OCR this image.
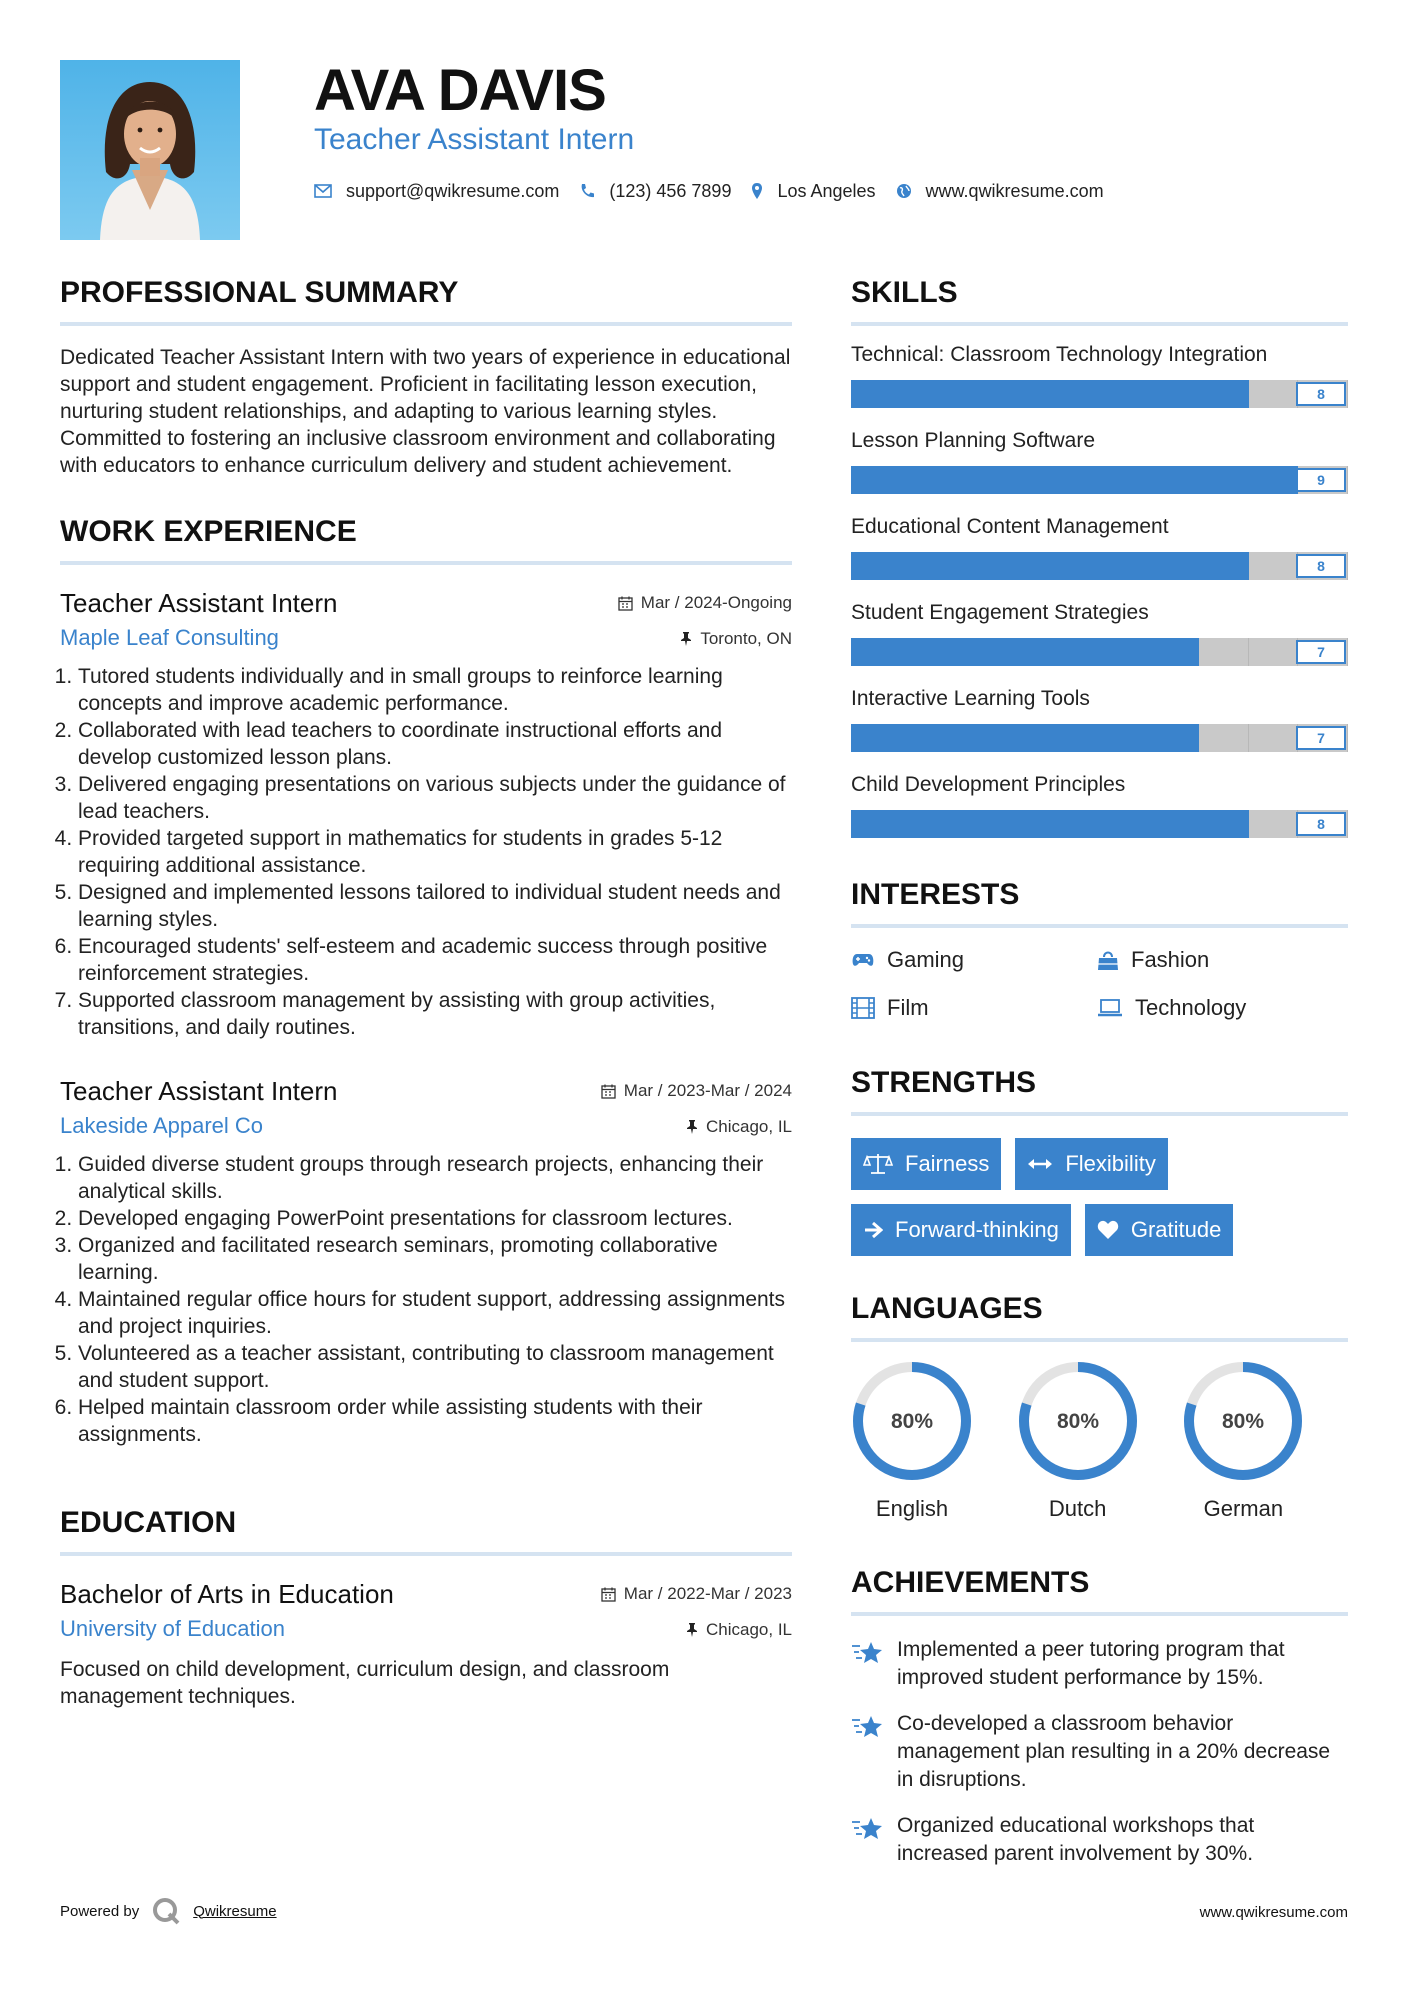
AVA DAVIS
Teacher Assistant Intern
support@qwikresume.com	(123) 456 7899	Los Angeles	www.qwikresume.com
PROFESSIONAL SUMMARY

Dedicated Teacher Assistant Intern with two years of experience in educational support and student engagement. Proficient in facilitating lesson execution, nurturing student relationships, and adapting to various learning styles. Committed to fostering an inclusive classroom environment and collaborating with educators to enhance curriculum delivery and student achievement.

WORK EXPERIENCE
Teacher Assistant Intern
Maple Leaf Consulting
Mar / 2024-Ongoing
Toronto, ON
1. Tutored students individually and in small groups to reinforce learning concepts and improve academic performance.
2. Collaborated with lead teachers to coordinate instructional efforts and develop customized lesson plans.
3. Delivered engaging presentations on various subjects under the guidance of lead teachers.
4. Provided targeted support in mathematics for students in grades 5-12 requiring additional assistance.
5. Designed and implemented lessons tailored to individual student needs and learning styles.
6. Encouraged students' self-esteem and academic success through positive reinforcement strategies.
7. Supported classroom management by assisting with group activities, transitions, and daily routines.
Teacher Assistant Intern
Lakeside Apparel Co
Mar / 2023-Mar / 2024
Chicago, IL
1. Guided diverse student groups through research projects, enhancing their analytical skills.
2. Developed engaging PowerPoint presentations for classroom lectures.
3. Organized and facilitated research seminars, promoting collaborative learning.
4. Maintained regular office hours for student support, addressing assignments and project inquiries.
5. Volunteered as a teacher assistant, contributing to classroom management and student support.
6. Helped maintain classroom order while assisting students with their assignments.
EDUCATION
Bachelor of Arts in Education
University of Education
Mar / 2022-Mar / 2023
Chicago, IL
Focused on child development, curriculum design, and classroom management techniques.
SKILLS
Technical: Classroom Technology Integration
8
Lesson Planning Software
9
Educational Content Management
8
Student Engagement Strategies
7
Interactive Learning Tools
7
Child Development Principles
8
INTERESTS
Gaming	Fashion
Film	Technology
STRENGTHS
Fairness	Flexibility
Forward-thinking	Gratitude
LANGUAGES
80%
English
80%
Dutch
80%
German
ACHIEVEMENTS
Implemented a peer tutoring program that improved student performance by 15%.
Co-developed a classroom behavior management plan resulting in a 20% decrease in disruptions.
Organized educational workshops that increased parent involvement by 30%.
Powered by	Qwikresume	www.qwikresume.com
